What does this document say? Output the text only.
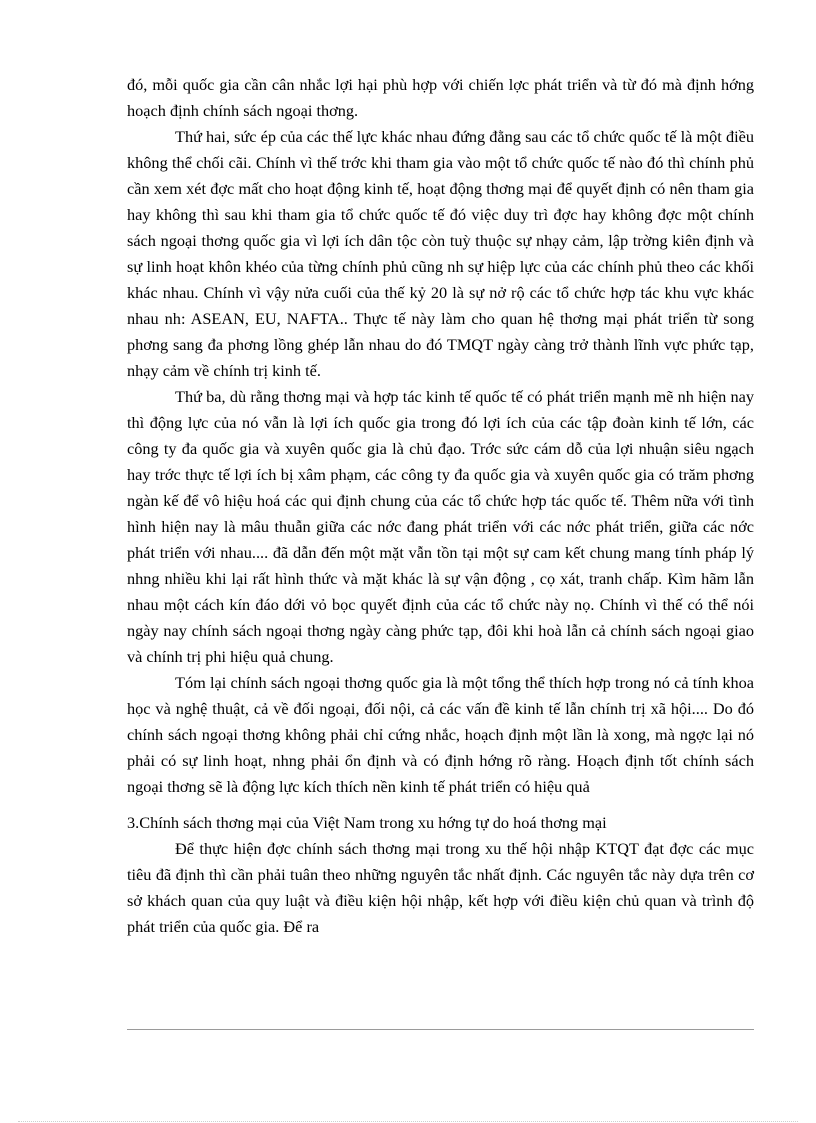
đó, mỗi quốc gia cần cân nhắc lợi hại phù hợp với chiến lợc phát triển và từ đó mà định hớng hoạch định chính sách ngoại thơng.

Thứ hai, sức ép của các thế lực khác nhau đứng đằng sau các tổ chức quốc tế là một điều không thể chối cãi. Chính vì thế trớc khi tham gia vào một tổ chức quốc tế nào đó thì chính phủ cần xem xét đợc mất cho hoạt động kinh tế, hoạt động thơng mại để quyết định có nên tham gia hay không thì sau khi tham gia tổ chức quốc tế đó việc duy trì đợc hay không đợc một chính sách ngoại thơng quốc gia vì lợi ích dân tộc còn tuỳ thuộc sự nhạy cảm, lập trờng kiên định và sự linh hoạt khôn khéo của từng chính phủ cũng nh sự hiệp lực của các chính phủ theo các khối khác nhau. Chính vì vậy nửa cuối của thế kỷ 20 là sự nở rộ các tổ chức hợp tác khu vực khác nhau nh: ASEAN, EU, NAFTA.. Thực tế này làm cho quan hệ thơng mại phát triển từ song phơng sang đa phơng lồng ghép lẫn nhau do đó TMQT ngày càng trở thành lĩnh vực phức tạp, nhạy cảm về chính trị kinh tế.

Thứ ba, dù rằng thơng mại và hợp tác kinh tế quốc tế có phát triển mạnh mẽ nh hiện nay thì động lực của nó vẫn là lợi ích quốc gia trong đó lợi ích của các tập đoàn kinh tế lớn, các công ty đa quốc gia và xuyên quốc gia là chủ đạo. Trớc sức cám dỗ của lợi nhuận siêu ngạch hay trớc thực tế lợi ích bị xâm phạm, các công ty đa quốc gia và xuyên quốc gia có trăm phơng ngàn kế để vô hiệu hoá các qui định chung của các tổ chức hợp tác quốc tế. Thêm nữa với tình hình hiện nay là mâu thuẫn giữa các nớc đang phát triển với các nớc phát triển, giữa các nớc phát triển với nhau.... đã dẫn đến một mặt vẫn tồn tại một sự cam kết chung mang tính pháp lý nhng nhiều khi lại rất hình thức và mặt khác là sự vận động , cọ xát, tranh chấp. Kìm hãm lẫn nhau một cách kín đáo dới vỏ bọc quyết định của các tổ chức này nọ. Chính vì thế có thể nói ngày nay chính sách ngoại thơng ngày càng phức tạp, đôi khi hoà lẫn cả chính sách ngoại giao và chính trị phi hiệu quả chung.

Tóm lại chính sách ngoại thơng quốc gia là một tổng thể thích hợp trong nó cả tính khoa học và nghệ thuật, cả về đối ngoại, đối nội, cả các vấn đề kinh tế lẫn chính trị xã hội.... Do đó chính sách ngoại thơng không phải chỉ cứng nhắc, hoạch định một lần là xong, mà ngợc lại nó phải có sự linh hoạt, nhng phải ổn định và có định hớng rõ ràng. Hoạch định tốt chính sách ngoại thơng sẽ là động lực kích thích nền kinh tế phát triển có hiệu quả

3.Chính sách thơng mại của Việt Nam trong xu hớng tự do hoá thơng mại

Để thực hiện đợc chính sách thơng mại trong xu thế hội nhập KTQT đạt đợc các mục tiêu đã định thì cần phải tuân theo những nguyên tắc nhất định. Các nguyên tắc này dựa trên cơ sở khách quan của quy luật và điều kiện hội nhập, kết hợp với điều kiện chủ quan và trình độ phát triển của quốc gia. Để ra
